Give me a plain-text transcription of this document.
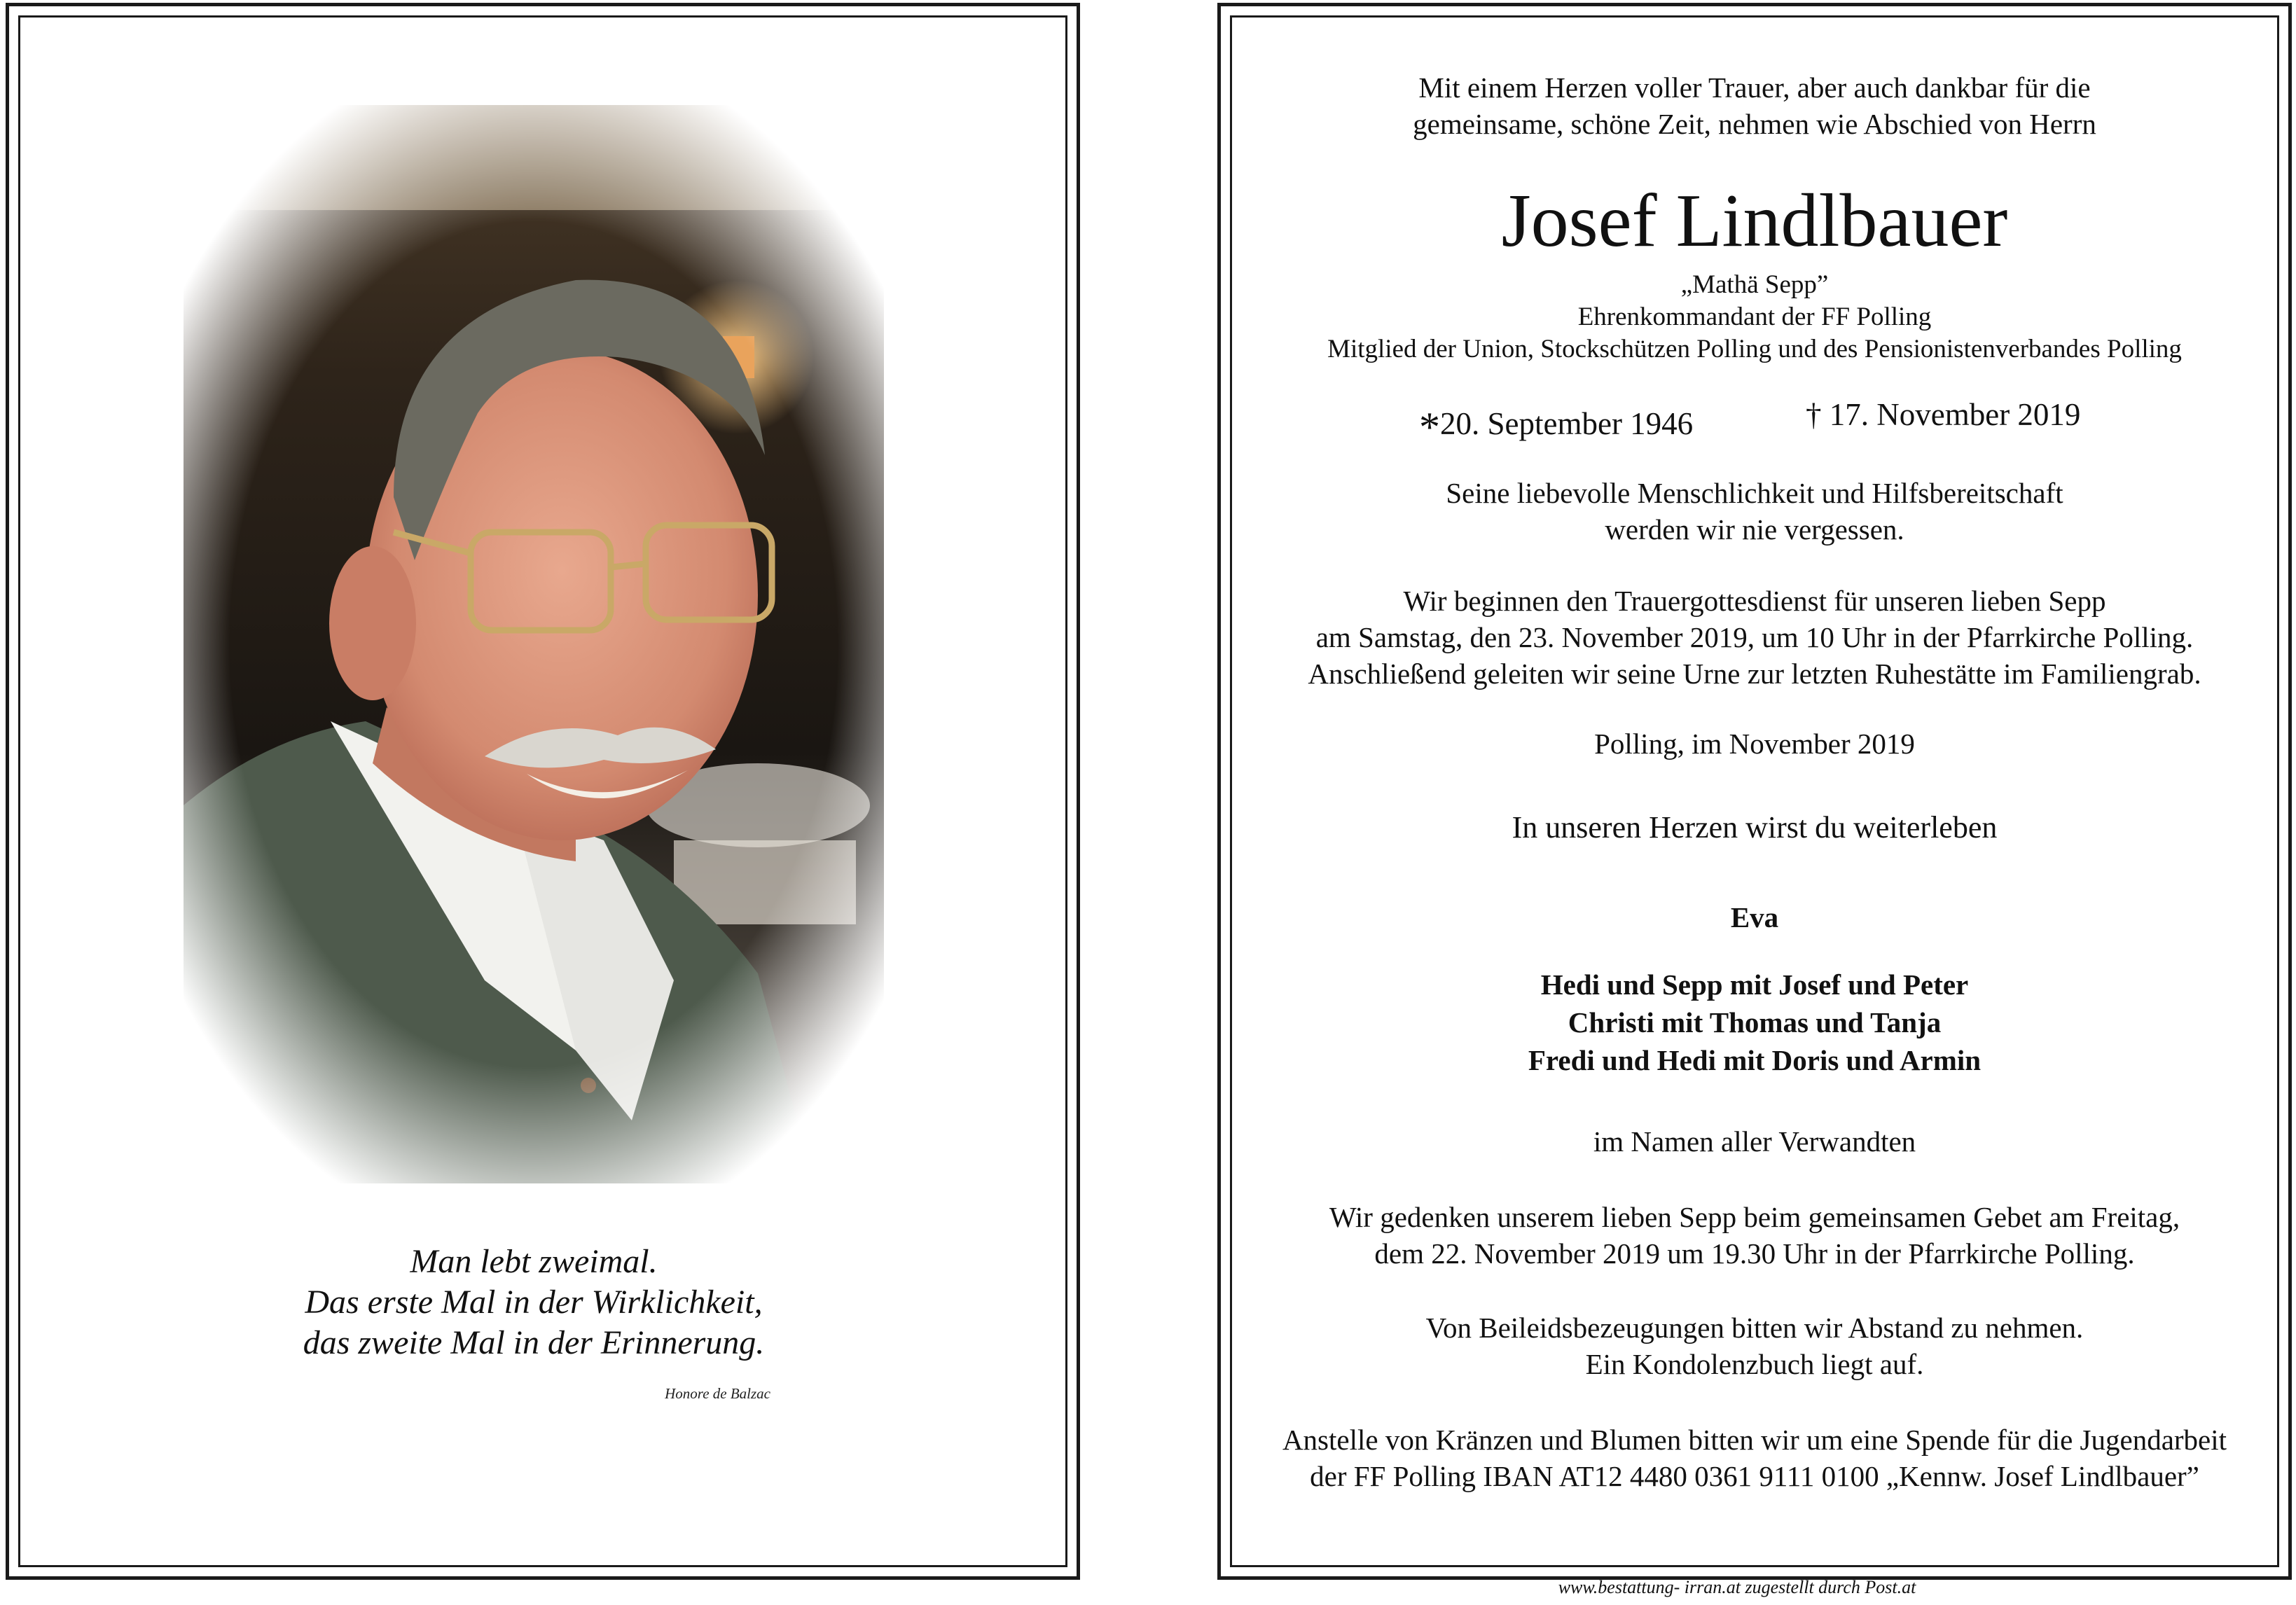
Man lebt zweimal.
Das erste Mal in der Wirklichkeit,
das zweite Mal in der Erinnerung.
Honore de Balzac
Mit einem Herzen voller Trauer, aber auch dankbar für die
gemeinsame, schöne Zeit, nehmen wie Abschied von Herrn
Josef Lindlbauer
„Mathä Sepp”
Ehrenkommandant der FF Polling
Mitglied der Union, Stockschützen Polling und des Pensionistenverbandes Polling
*20. September 1946	† 17. November 2019
Seine liebevolle Menschlichkeit und Hilfsbereitschaft
werden wir nie vergessen.
Wir beginnen den Trauergottesdienst für unseren lieben Sepp
am Samstag, den 23. November 2019, um 10 Uhr in der Pfarrkirche Polling.
Anschließend geleiten wir seine Urne zur letzten Ruhestätte im Familiengrab.
Polling, im November 2019
In unseren Herzen wirst du weiterleben
Eva
Hedi und Sepp mit Josef und Peter
Christi mit Thomas und Tanja
Fredi und Hedi mit Doris und Armin
im Namen aller Verwandten
Wir gedenken unserem lieben Sepp beim gemeinsamen Gebet am Freitag,
dem 22. November 2019 um 19.30 Uhr in der Pfarrkirche Polling.
Von Beileidsbezeugungen bitten wir Abstand zu nehmen.
Ein Kondolenzbuch liegt auf.
Anstelle von Kränzen und Blumen bitten wir um eine Spende für die Jugendarbeit
der FF Polling IBAN AT12 4480 0361 9111 0100 „Kennw. Josef Lindlbauer”
www.bestattung- irran.at zugestellt durch Post.at
